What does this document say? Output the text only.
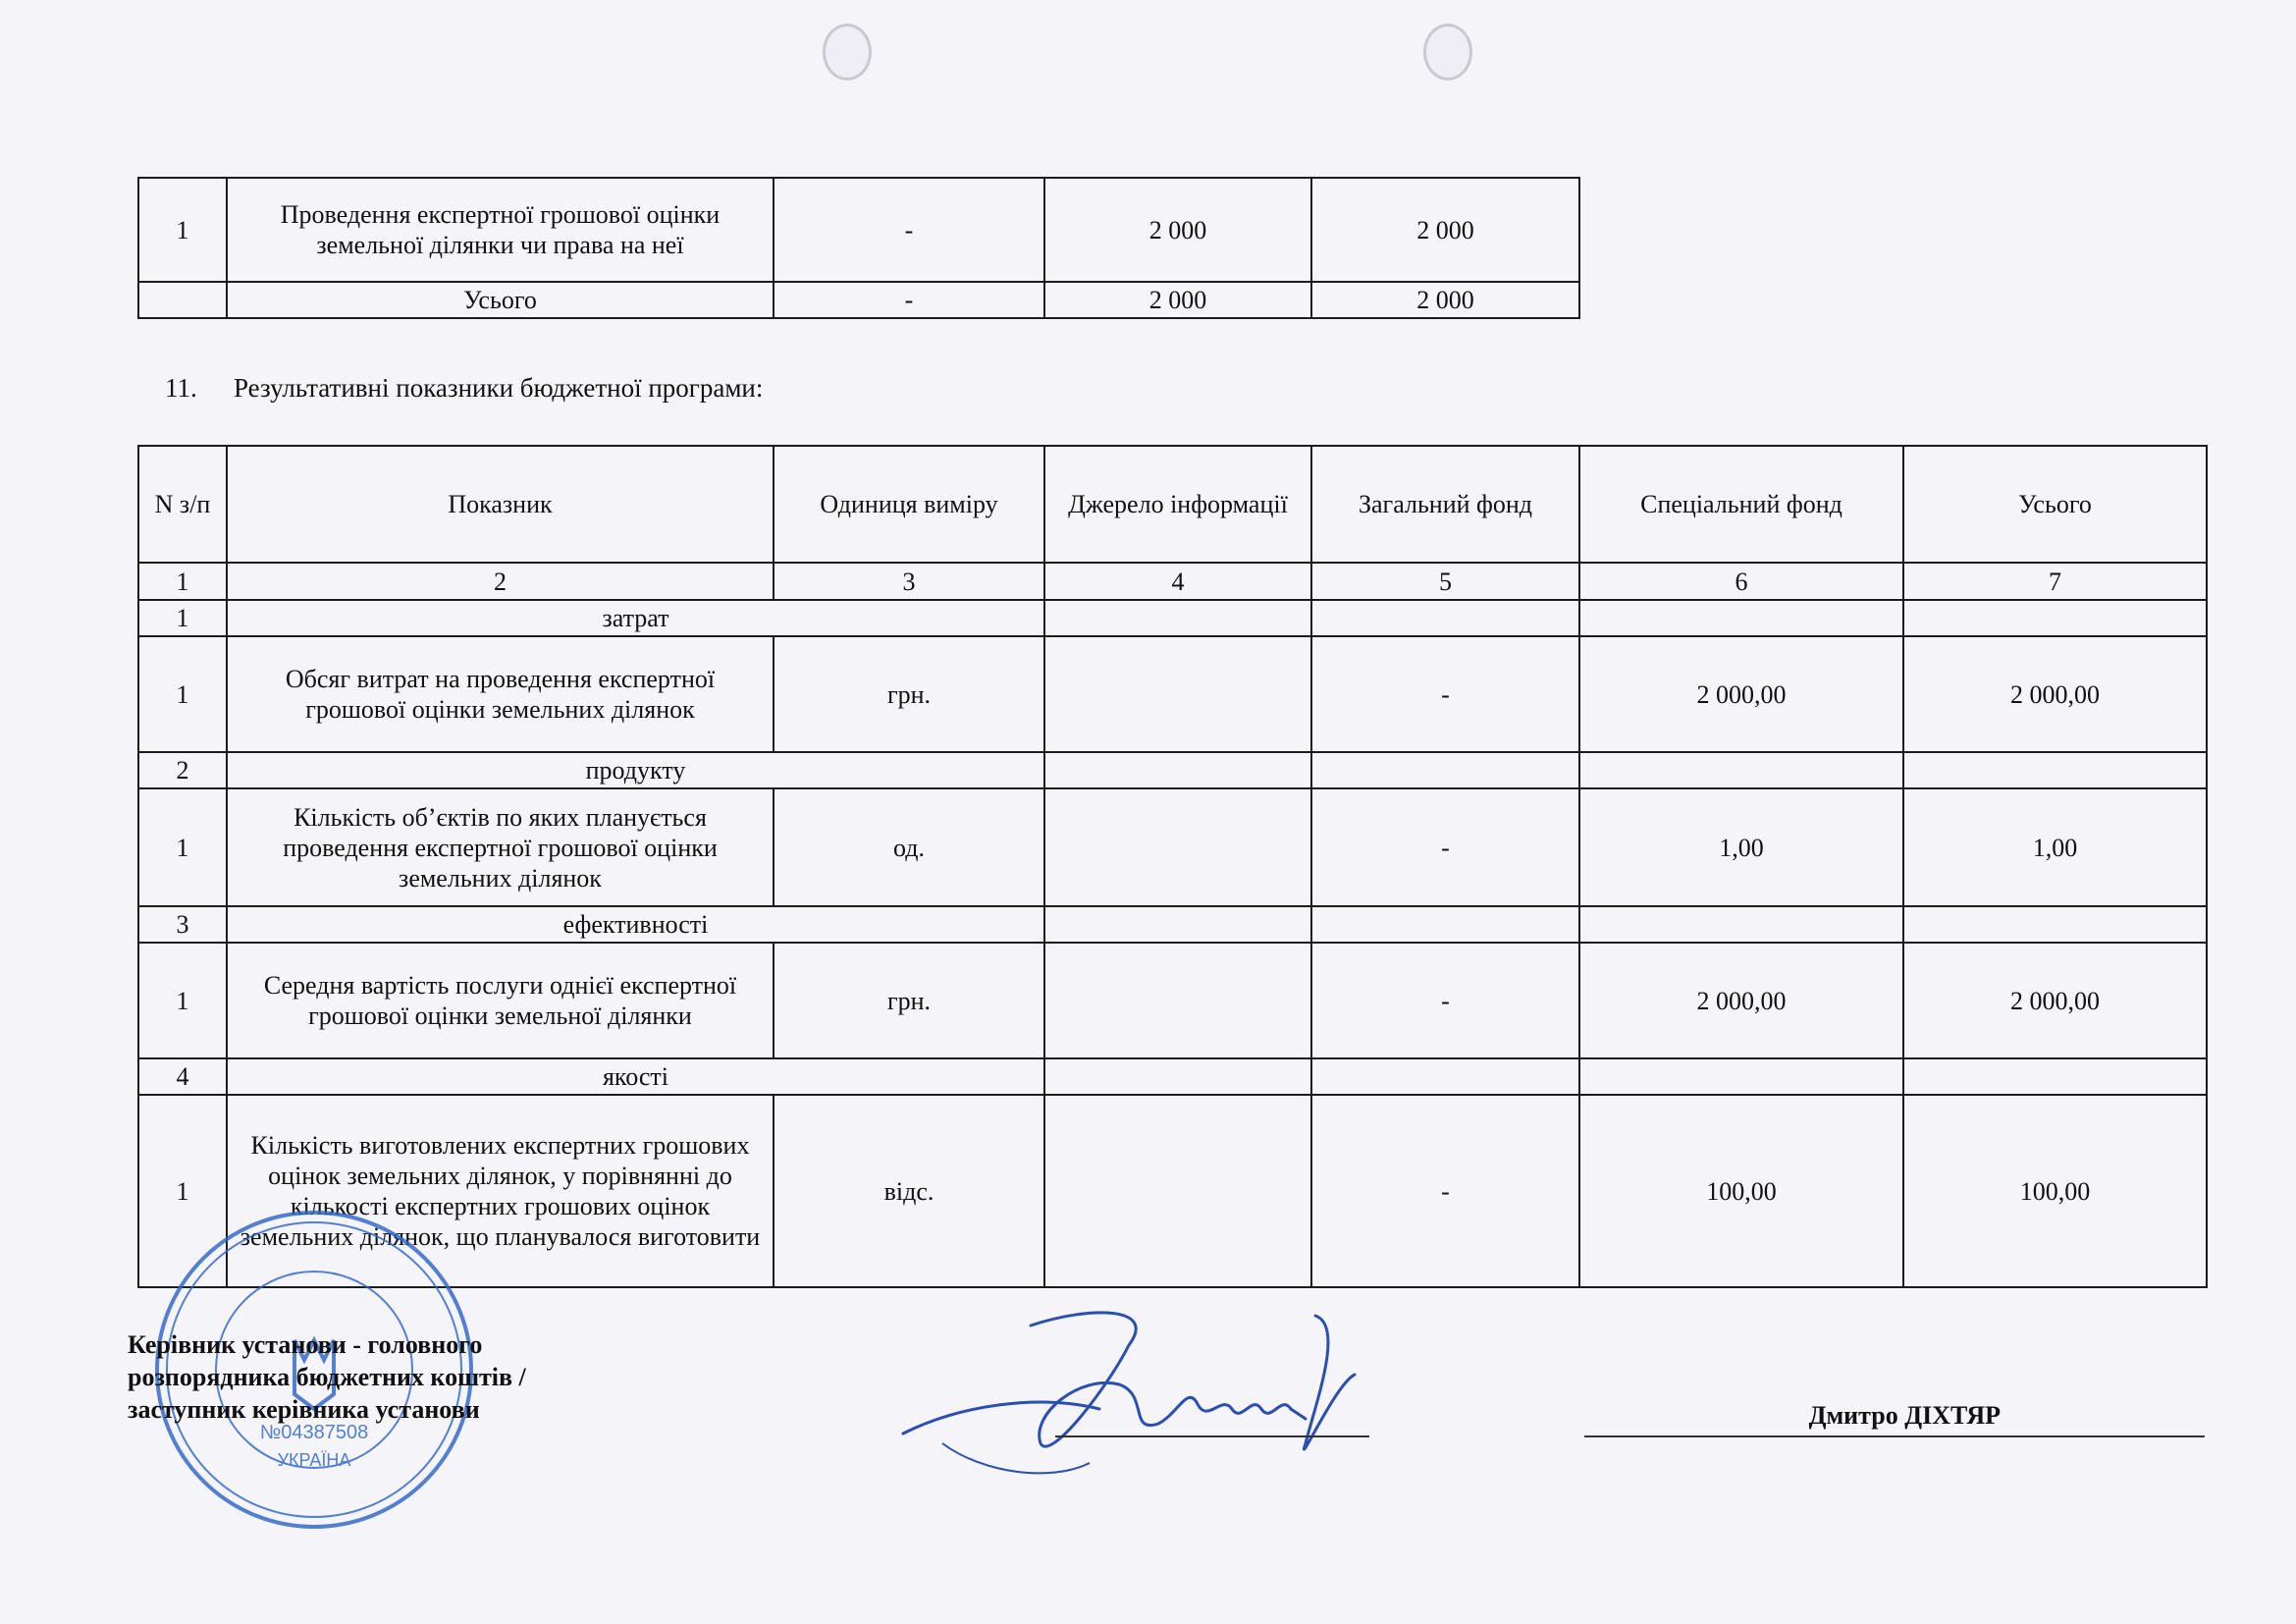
1	Проведення експертної грошової оцінки земельної ділянки чи права на неї	-	2 000	2 000
	Усього	-	2 000	2 000
11. Результативні показники бюджетної програми:
N з/п	Показник	Одиниця виміру	Джерело інформації	Загальний фонд	Спеціальний фонд	Усього
1	2	3	4	5	6	7
1	затрат					
1	Обсяг витрат на проведення експертної грошової оцінки земельних ділянок	грн.		-	2 000,00	2 000,00
2	продукту					
1	Кількість об’єктів по яких планується проведення експертної грошової оцінки земельних ділянок	од.		-	1,00	1,00
3	ефективності					
1	Середня вартість послуги однієї експертної грошової оцінки земельної ділянки	грн.		-	2 000,00	2 000,00
4	якості					
1	Кількість виготовлених експертних грошових оцінок земельних ділянок, у порівнянні до кількості експертних грошових оцінок земельних ділянок, що планувалося виготовити	відс.		-	100,00	100,00
№04387508
УКРАЇНА
Керівник установи - головного
розпорядника бюджетних коштів /
заступник керівника установи	Дмитро ДІХТЯР
